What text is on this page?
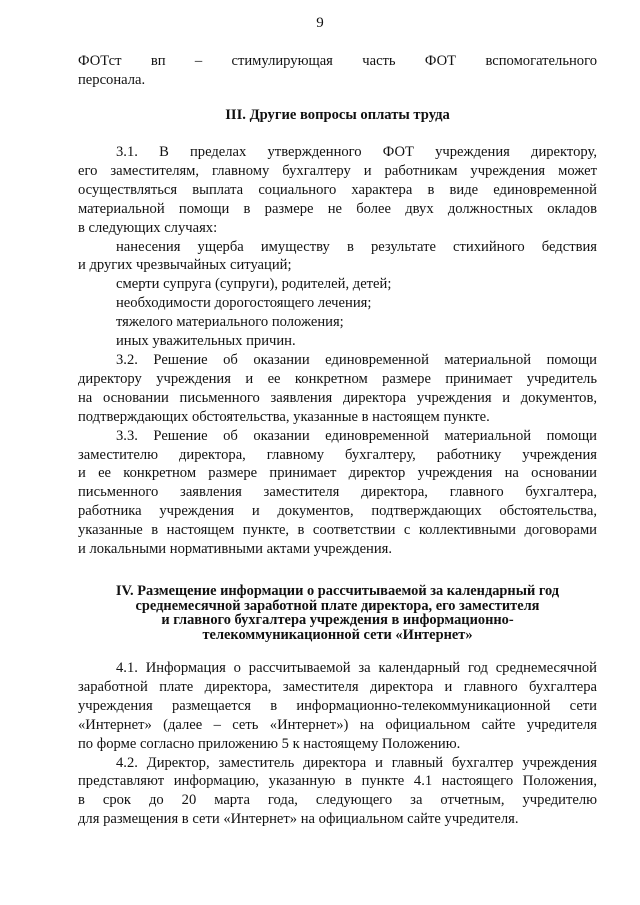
9
ФОТст вп – стимулирующая часть ФОТ вспомогательного
персонала.
III. Другие вопросы оплаты труда
3.1. В пределах утвержденного ФОТ учреждения директору,
его заместителям, главному бухгалтеру и работникам учреждения может
осуществляться выплата социального характера в виде единовременной
материальной помощи в размере не более двух должностных окладов
в следующих случаях:
нанесения ущерба имуществу в результате стихийного бедствия
и других чрезвычайных ситуаций;
смерти супруга (супруги), родителей, детей;
необходимости дорогостоящего лечения;
тяжелого материального положения;
иных уважительных причин.
3.2. Решение об оказании единовременной материальной помощи
директору учреждения и ее конкретном размере принимает учредитель
на основании письменного заявления директора учреждения и документов,
подтверждающих обстоятельства, указанные в настоящем пункте.
3.3. Решение об оказании единовременной материальной помощи
заместителю директора, главному бухгалтеру, работнику учреждения
и ее конкретном размере принимает директор учреждения на основании
письменного заявления заместителя директора, главного бухгалтера,
работника учреждения и документов, подтверждающих обстоятельства,
указанные в настоящем пункте, в соответствии с коллективными договорами
и локальными нормативными актами учреждения.
IV. Размещение информации о рассчитываемой за календарный год
среднемесячной заработной плате директора, его заместителя
и главного бухгалтера учреждения в информационно-
телекоммуникационной сети «Интернет»
4.1. Информация о рассчитываемой за календарный год среднемесячной
заработной плате директора, заместителя директора и главного бухгалтера
учреждения размещается в информационно-телекоммуникационной сети
«Интернет» (далее – сеть «Интернет») на официальном сайте учредителя
по форме согласно приложению 5 к настоящему Положению.
4.2. Директор, заместитель директора и главный бухгалтер учреждения
представляют информацию, указанную в пункте 4.1 настоящего Положения,
в срок до 20 марта года, следующего за отчетным, учредителю
для размещения в сети «Интернет» на официальном сайте учредителя.
